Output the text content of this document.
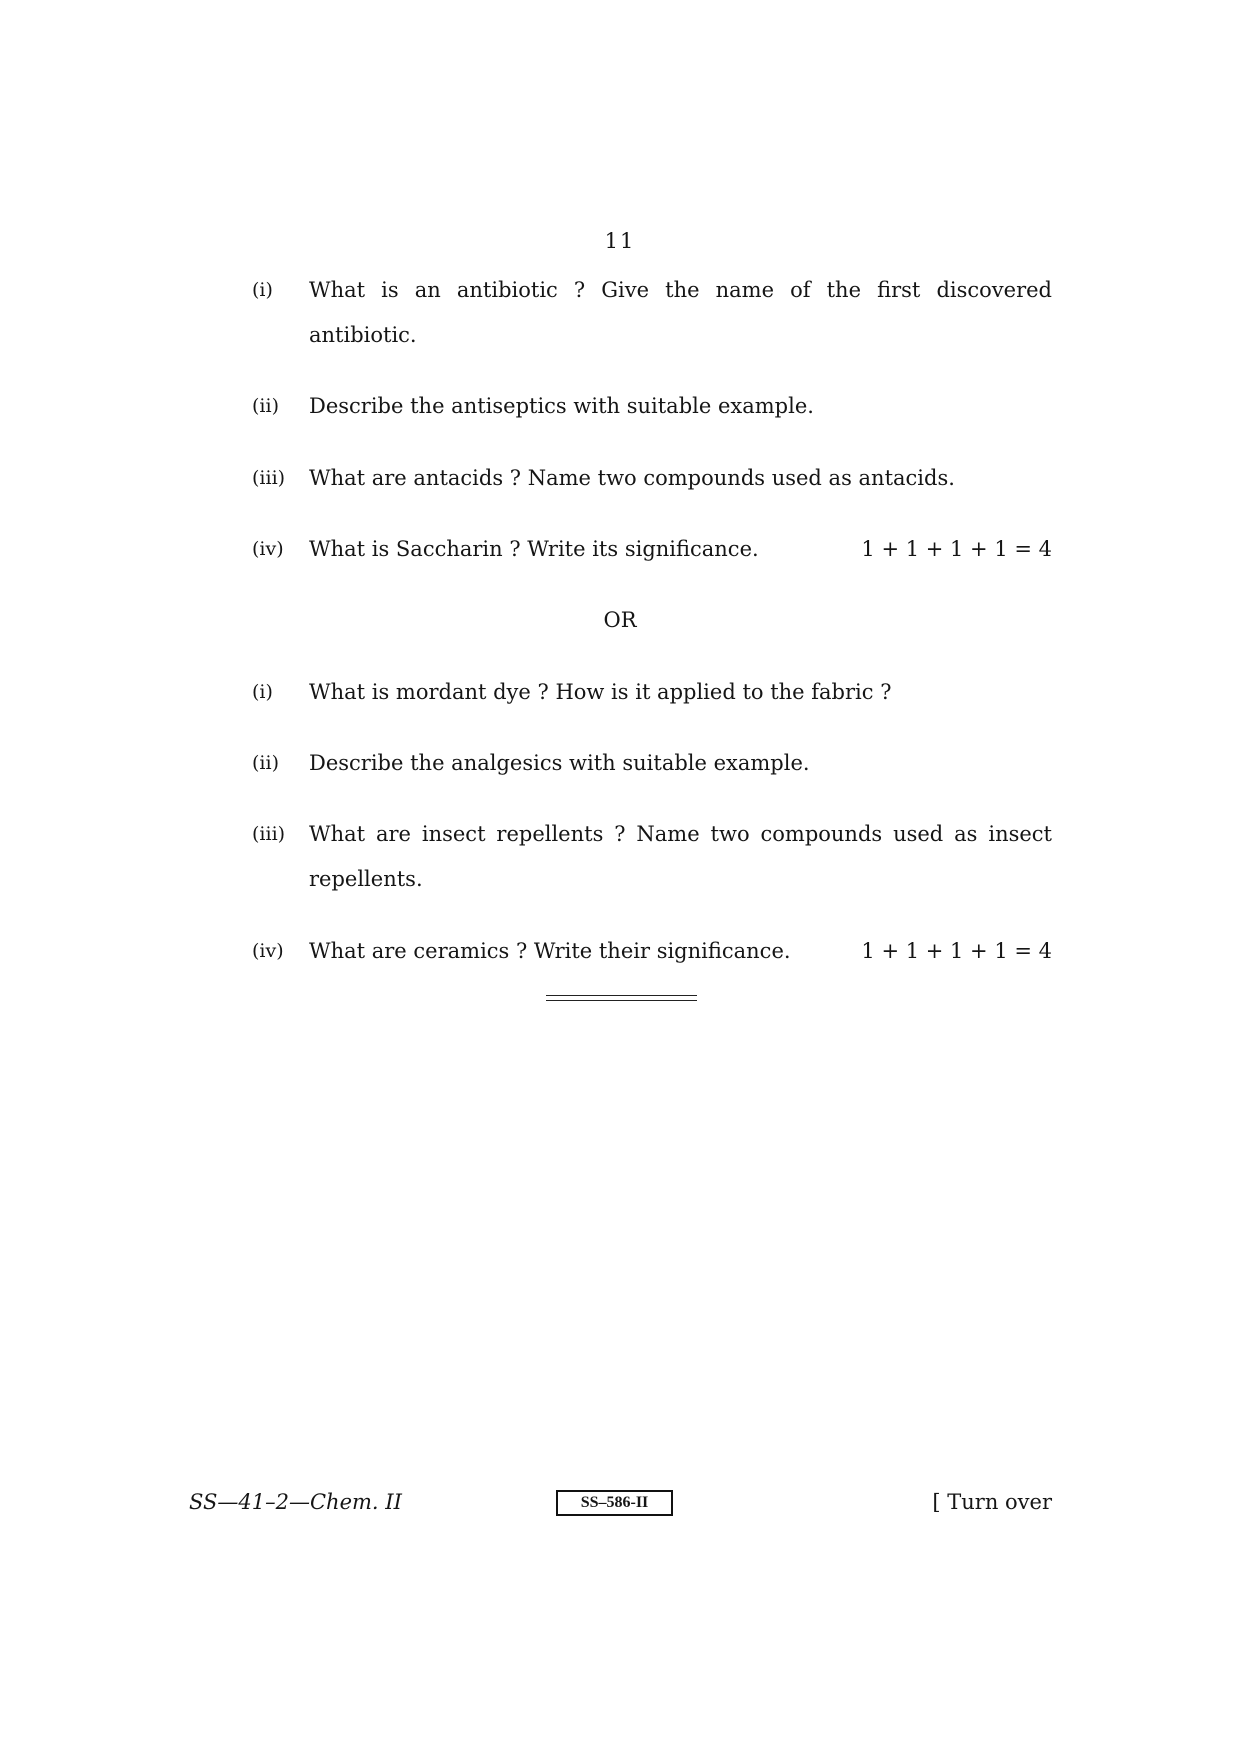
11
(i)	What is an antibiotic ? Give the name of the first discovered antibiotic.
(ii)	Describe the antiseptics with suitable example.
(iii)	What are antacids ? Name two compounds used as antacids.
(iv)	What is Saccharin ? Write its significance.	1 + 1 + 1 + 1 = 4
OR
(i)	What is mordant dye ? How is it applied to the fabric ?
(ii)	Describe the analgesics with suitable example.
(iii)	What are insect repellents ? Name two compounds used as insect repellents.
(iv)	What are ceramics ? Write their significance.	1 + 1 + 1 + 1 = 4
SS—41–2—Chem. II	SS–586-II	[ Turn over
